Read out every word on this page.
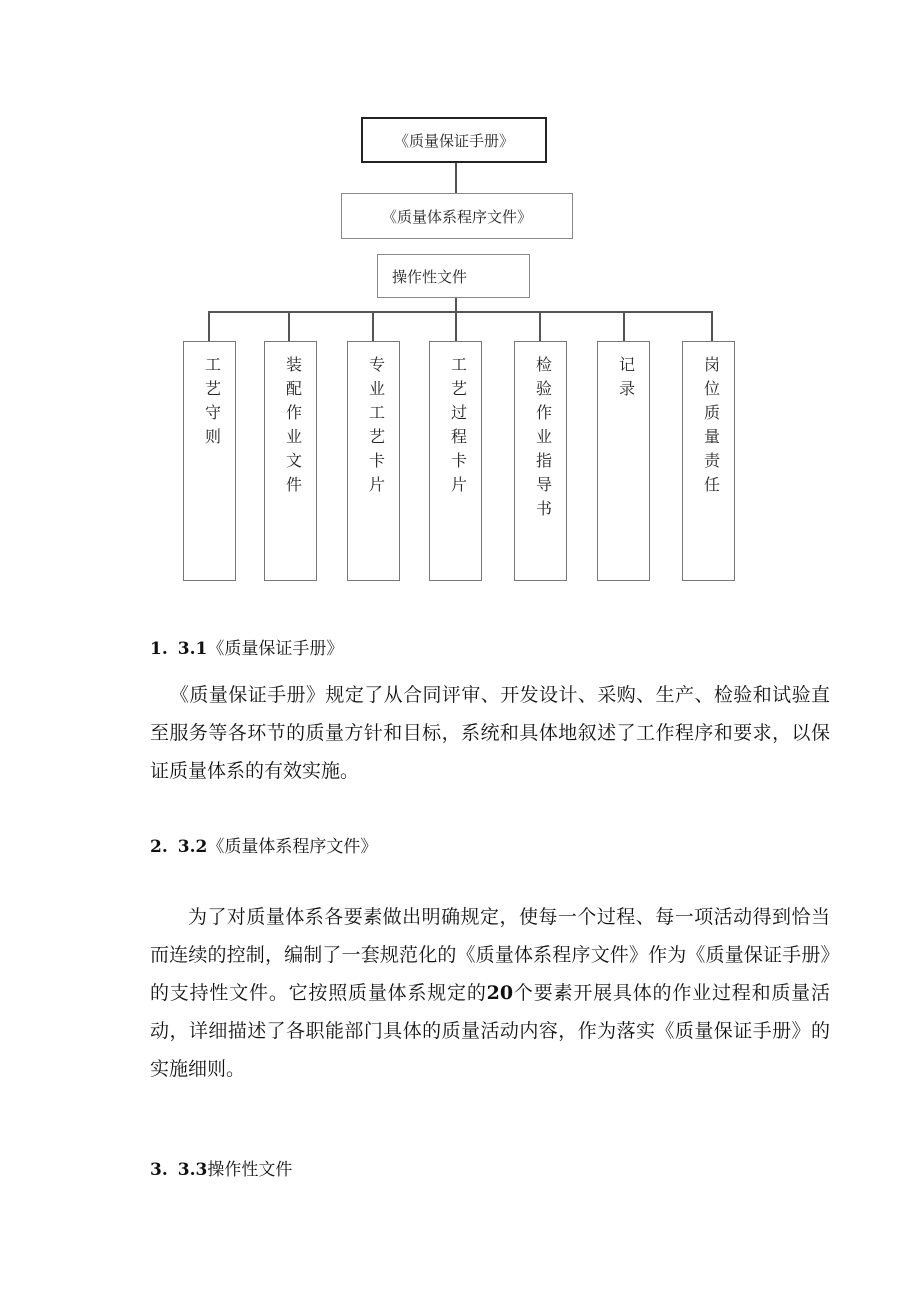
《质量保证手册》
《质量体系程序文件》
操作性文件
工艺守则	装配作业文件	专业工艺卡片	工艺过程卡片	检验作业指导书	记录	岗位质量责任
1. 3.1《质量保证手册》

《质量保证手册》规定了从合同评审、开发设计、采购、生产、检验和试验直至服务等各环节的质量方针和目标，系统和具体地叙述了工作程序和要求，以保证质量体系的有效实施。

2. 3.2《质量体系程序文件》

为了对质量体系各要素做出明确规定，使每一个过程、每一项活动得到恰当而连续的控制，编制了一套规范化的《质量体系程序文件》作为《质量保证手册》的支持性文件。它按照质量体系规定的20个要素开展具体的作业过程和质量活动，详细描述了各职能部门具体的质量活动内容，作为落实《质量保证手册》的实施细则。

3. 3.3操作性文件
